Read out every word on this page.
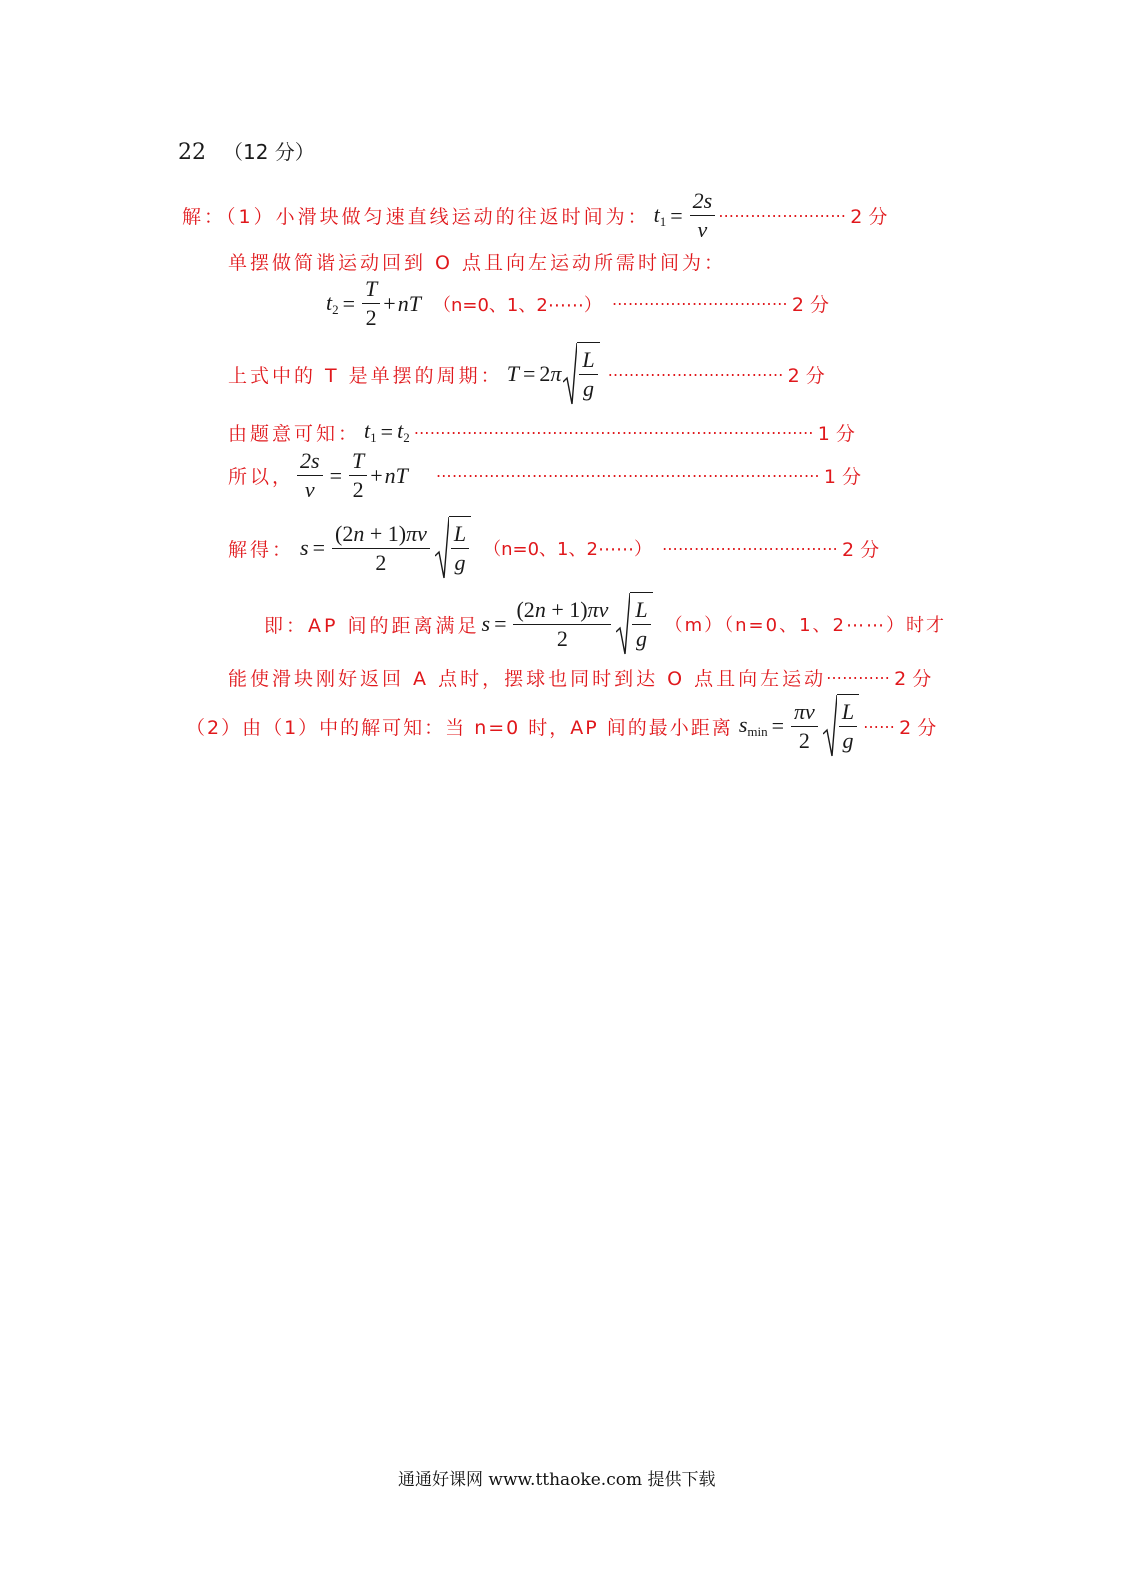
22 （12 分）
解：（1）小滑块做匀速直线运动的往返时间为： $t_1 = \frac{2s}{v}$ ⋯⋯⋯⋯⋯⋯⋯⋯ 2 分
单摆做简谐运动回到 O 点且向左运动所需时间为：
$t_2 = \frac{T}{2}$ + nT （n=0、1、2⋯⋯） ⋯⋯⋯⋯⋯⋯⋯⋯⋯⋯⋯ 2 分
上式中的 T 是单摆的周期： T = 2 π $\frac{L}{g}$ ⋯⋯⋯⋯⋯⋯⋯⋯⋯⋯⋯ 2 分
由题意可知： $t_1 = t_2$ ⋯⋯⋯⋯⋯⋯⋯⋯⋯⋯⋯⋯⋯⋯⋯⋯⋯⋯⋯⋯⋯⋯⋯⋯⋯ 1 分
所以， $\frac{2s}{v} = \frac{T}{2}$ + nT ⋯⋯⋯⋯⋯⋯⋯⋯⋯⋯⋯⋯⋯⋯⋯⋯⋯⋯⋯⋯⋯⋯⋯⋯ 1 分
解得： $s = \frac{(2n + 1)\pi v}{2} \frac{L}{g} (n=0$、1、2⋯⋯） ⋯⋯⋯⋯⋯⋯⋯⋯⋯⋯⋯ 2 分
即：AP 间的距离满足 $s = \frac{(2n + 1)\pi v}{2} \frac{L}{g} (m)(n=0$、1、2⋯⋯）时才
能使滑块刚好返回 A 点时，摆球也同时到达 O 点且向左运动 ⋯⋯⋯⋯ 2 分
（2）由（1）中的解可知：当 n=0 时，AP 间的最小距离 $s_{min} = \frac{\pi v}{2} \frac{L}{g}$ ⋯⋯ 2 分
通通好课网 www.tthaoke.com 提供下载
